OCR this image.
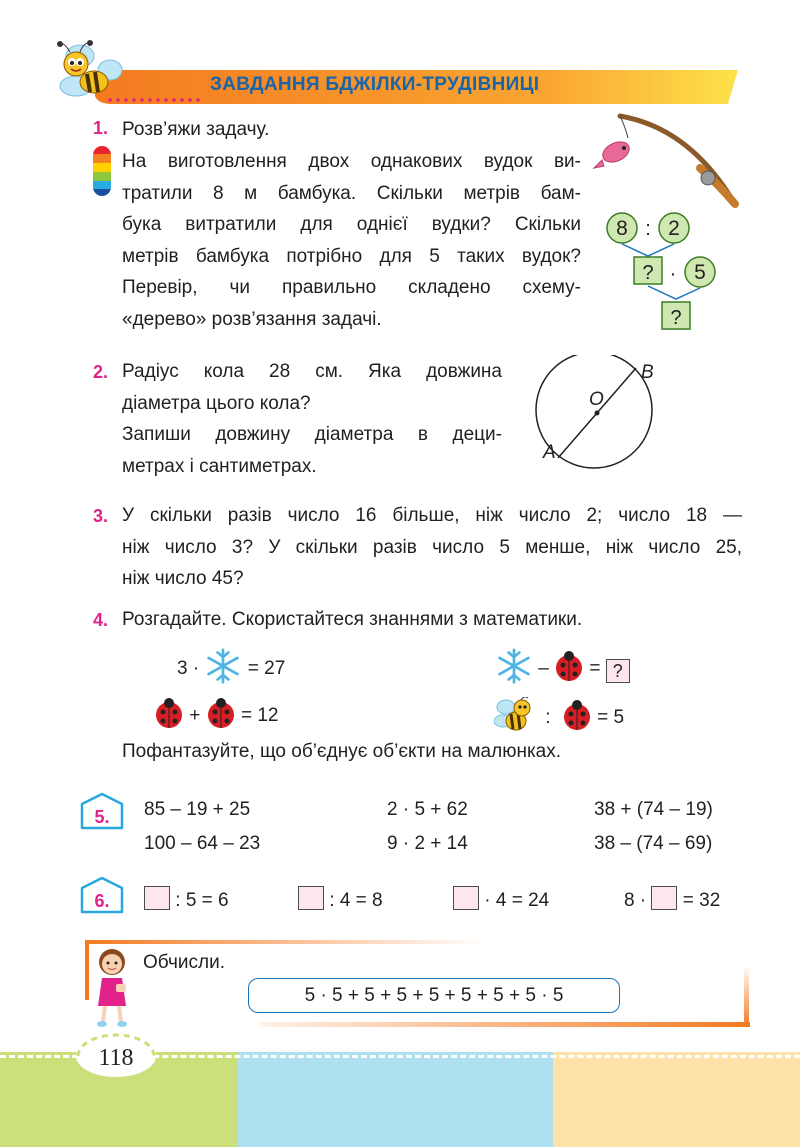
ЗАВДАННЯ БДЖІЛКИ-ТРУДІВНИЦІ
1. Розв’яжи задачу.
На виготовлення двох однакових вудок ви-
тратили 8 м бамбука. Скільки метрів бам-
бука витратили для однієї вудки? Скільки
метрів бамбука потрібно для 5 таких вудок?
Перевір, чи правильно складено схему-
«дерево» розв’язання задачі.
8 : 2
? · 5
?
2. Радіус кола 28 см. Яка довжина
діаметра цього кола?
Запиши довжину діаметра в деци-
метрах і сантиметрах.
O
B
A
3. У скільки разів число 16 більше, ніж число 2; число 18 —
ніж число 3? У скільки разів число 5 менше, ніж число 25,
ніж число 45?
4. Розгадайте. Скористайтеся знаннями з математики.
3 ·	= 27	– = ?
+ = 12	: = 5
Пофантазуйте, що об’єднує об’єкти на малюнках.
5. 85 – 19 + 25	2 · 5 + 62	38 + (74 – 19)
100 – 64 – 23	9 · 2 + 14	38 – (74 – 69)
6.	: 5 = 6	: 4 = 8	· 4 = 24	8 · = 32
Обчисли.
5 · 5 + 5 + 5 + 5 + 5 + 5 + 5 · 5
118
